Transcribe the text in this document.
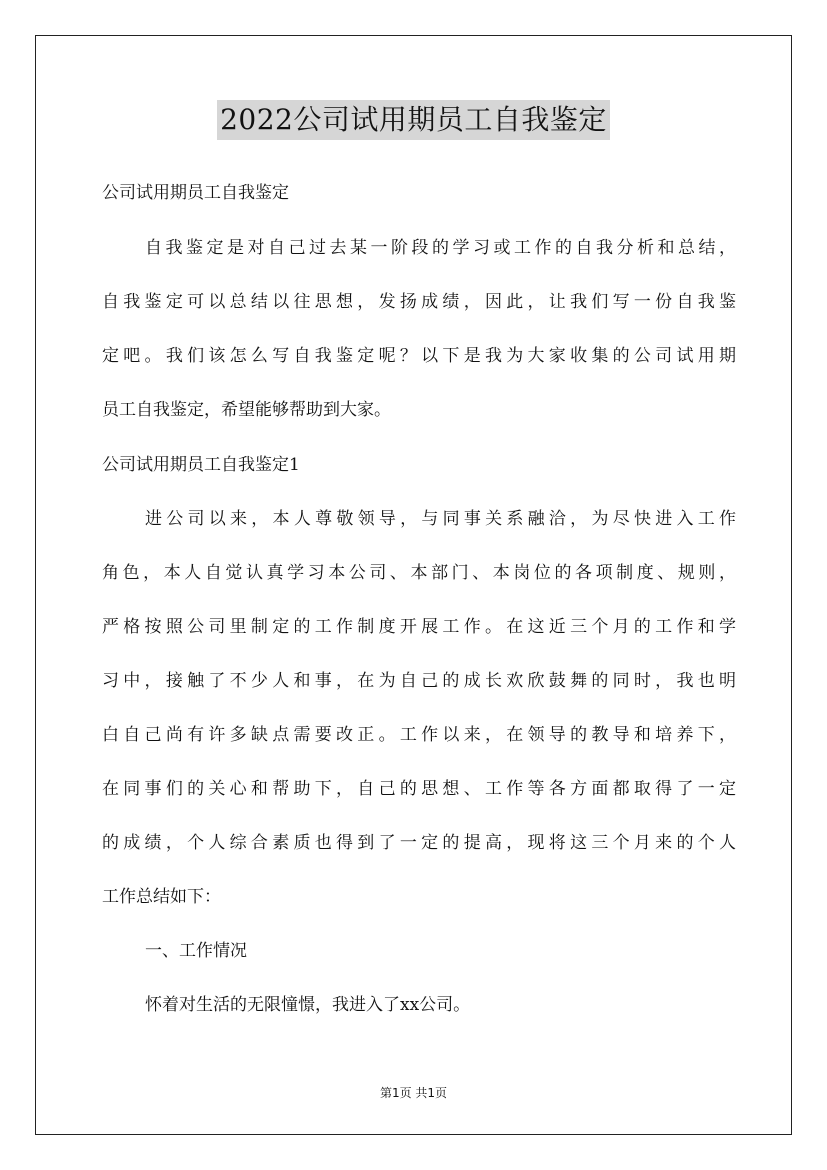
2022公司试用期员工自我鉴定
公司试用期员工自我鉴定
自我鉴定是对自己过去某一阶段的学习或工作的自我分析和总结，
自我鉴定可以总结以往思想，发扬成绩，因此，让我们写一份自我鉴
定吧。我们该怎么写自我鉴定呢？以下是我为大家收集的公司试用期
员工自我鉴定，希望能够帮助到大家。
公司试用期员工自我鉴定1
进公司以来，本人尊敬领导，与同事关系融洽，为尽快进入工作
角色，本人自觉认真学习本公司、本部门、本岗位的各项制度、规则，
严格按照公司里制定的工作制度开展工作。在这近三个月的工作和学
习中，接触了不少人和事，在为自己的成长欢欣鼓舞的同时，我也明
白自己尚有许多缺点需要改正。工作以来，在领导的教导和培养下，
在同事们的关心和帮助下，自己的思想、工作等各方面都取得了一定
的成绩，个人综合素质也得到了一定的提高，现将这三个月来的个人
工作总结如下：
一、工作情况
怀着对生活的无限憧憬，我进入了xx公司。
第1页 共1页
